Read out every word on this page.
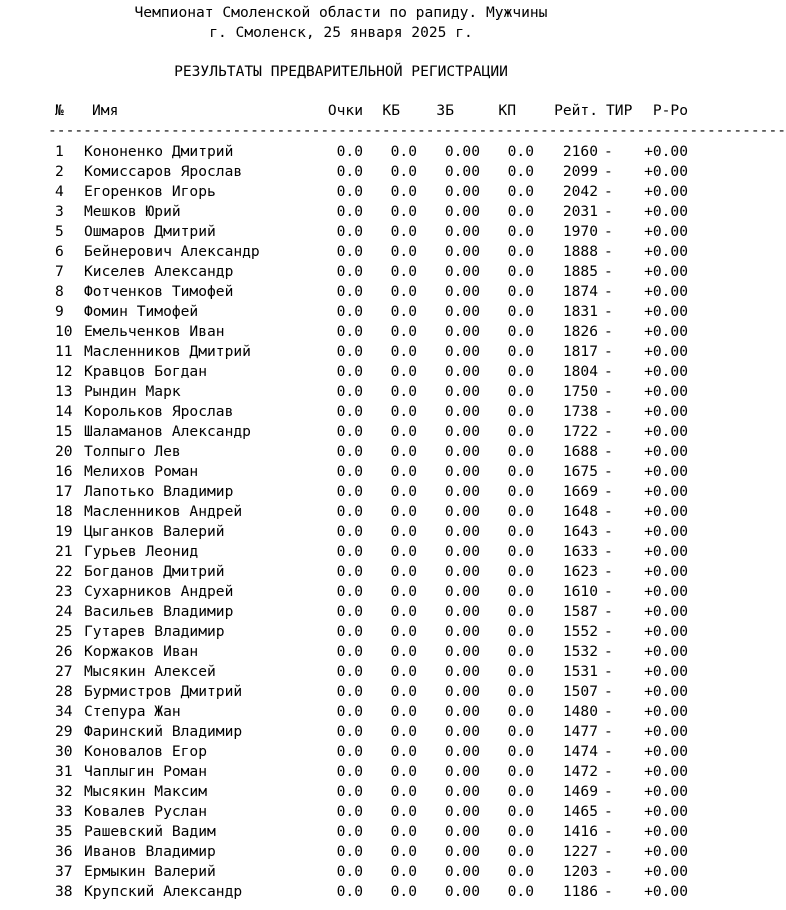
Чемпионат Смоленской области по рапиду. Мужчины
г. Смоленск, 25 января 2025 г.
РЕЗУЛЬТАТЫ ПРЕДВАРИТЕЛЬНОЙ РЕГИСТРАЦИИ
№	Имя	Очки	КБ	ЗБ	КП	Рейт. ТИР	Р-Ро
------------------------------------------------------------------------------------
1	Кононенко Дмитрий	0.0	0.0	0.00	0.0	2160 -	+0.00
2	Комиссаров Ярослав	0.0	0.0	0.00	0.0	2099 -	+0.00
4	Егоренков Игорь	0.0	0.0	0.00	0.0	2042 -	+0.00
3	Мешков Юрий	0.0	0.0	0.00	0.0	2031 -	+0.00
5	Ошмаров Дмитрий	0.0	0.0	0.00	0.0	1970 -	+0.00
6	Бейнерович Александр	0.0	0.0	0.00	0.0	1888 -	+0.00
7	Киселев Александр	0.0	0.0	0.00	0.0	1885 -	+0.00
8	Фотченков Тимофей	0.0	0.0	0.00	0.0	1874 -	+0.00
9	Фомин Тимофей	0.0	0.0	0.00	0.0	1831 -	+0.00
10 Емельченков Иван	0.0	0.0	0.00	0.0	1826 -	+0.00
11 Масленников Дмитрий	0.0	0.0	0.00	0.0	1817 -	+0.00
12 Кравцов Богдан	0.0	0.0	0.00	0.0	1804 -	+0.00
13 Рындин Марк	0.0	0.0	0.00	0.0	1750 -	+0.00
14 Корольков Ярослав	0.0	0.0	0.00	0.0	1738 -	+0.00
15 Шаламанов Александр	0.0	0.0	0.00	0.0	1722 -	+0.00
20 Толпыго Лев	0.0	0.0	0.00	0.0	1688 -	+0.00
16 Мелихов Роман	0.0	0.0	0.00	0.0	1675 -	+0.00
17 Лапотько Владимир	0.0	0.0	0.00	0.0	1669 -	+0.00
18 Масленников Андрей	0.0	0.0	0.00	0.0	1648 -	+0.00
19 Цыганков Валерий	0.0	0.0	0.00	0.0	1643 -	+0.00
21 Гурьев Леонид	0.0	0.0	0.00	0.0	1633 -	+0.00
22 Богданов Дмитрий	0.0	0.0	0.00	0.0	1623 -	+0.00
23 Сухарников Андрей	0.0	0.0	0.00	0.0	1610 -	+0.00
24 Васильев Владимир	0.0	0.0	0.00	0.0	1587 -	+0.00
25 Гутарев Владимир	0.0	0.0	0.00	0.0	1552 -	+0.00
26 Коржаков Иван	0.0	0.0	0.00	0.0	1532 -	+0.00
27 Мысякин Алексей	0.0	0.0	0.00	0.0	1531 -	+0.00
28 Бурмистров Дмитрий	0.0	0.0	0.00	0.0	1507 -	+0.00
34 Степура Жан	0.0	0.0	0.00	0.0	1480 -	+0.00
29 Фаринский Владимир	0.0	0.0	0.00	0.0	1477 -	+0.00
30 Коновалов Егор	0.0	0.0	0.00	0.0	1474 -	+0.00
31 Чаплыгин Роман	0.0	0.0	0.00	0.0	1472 -	+0.00
32 Мысякин Максим	0.0	0.0	0.00	0.0	1469 -	+0.00
33 Ковалев Руслан	0.0	0.0	0.00	0.0	1465 -	+0.00
35 Рашевский Вадим	0.0	0.0	0.00	0.0	1416 -	+0.00
36 Иванов Владимир	0.0	0.0	0.00	0.0	1227 -	+0.00
37 Ермыкин Валерий	0.0	0.0	0.00	0.0	1203 -	+0.00
38 Крупский Александр	0.0	0.0	0.00	0.0	1186 -	+0.00
